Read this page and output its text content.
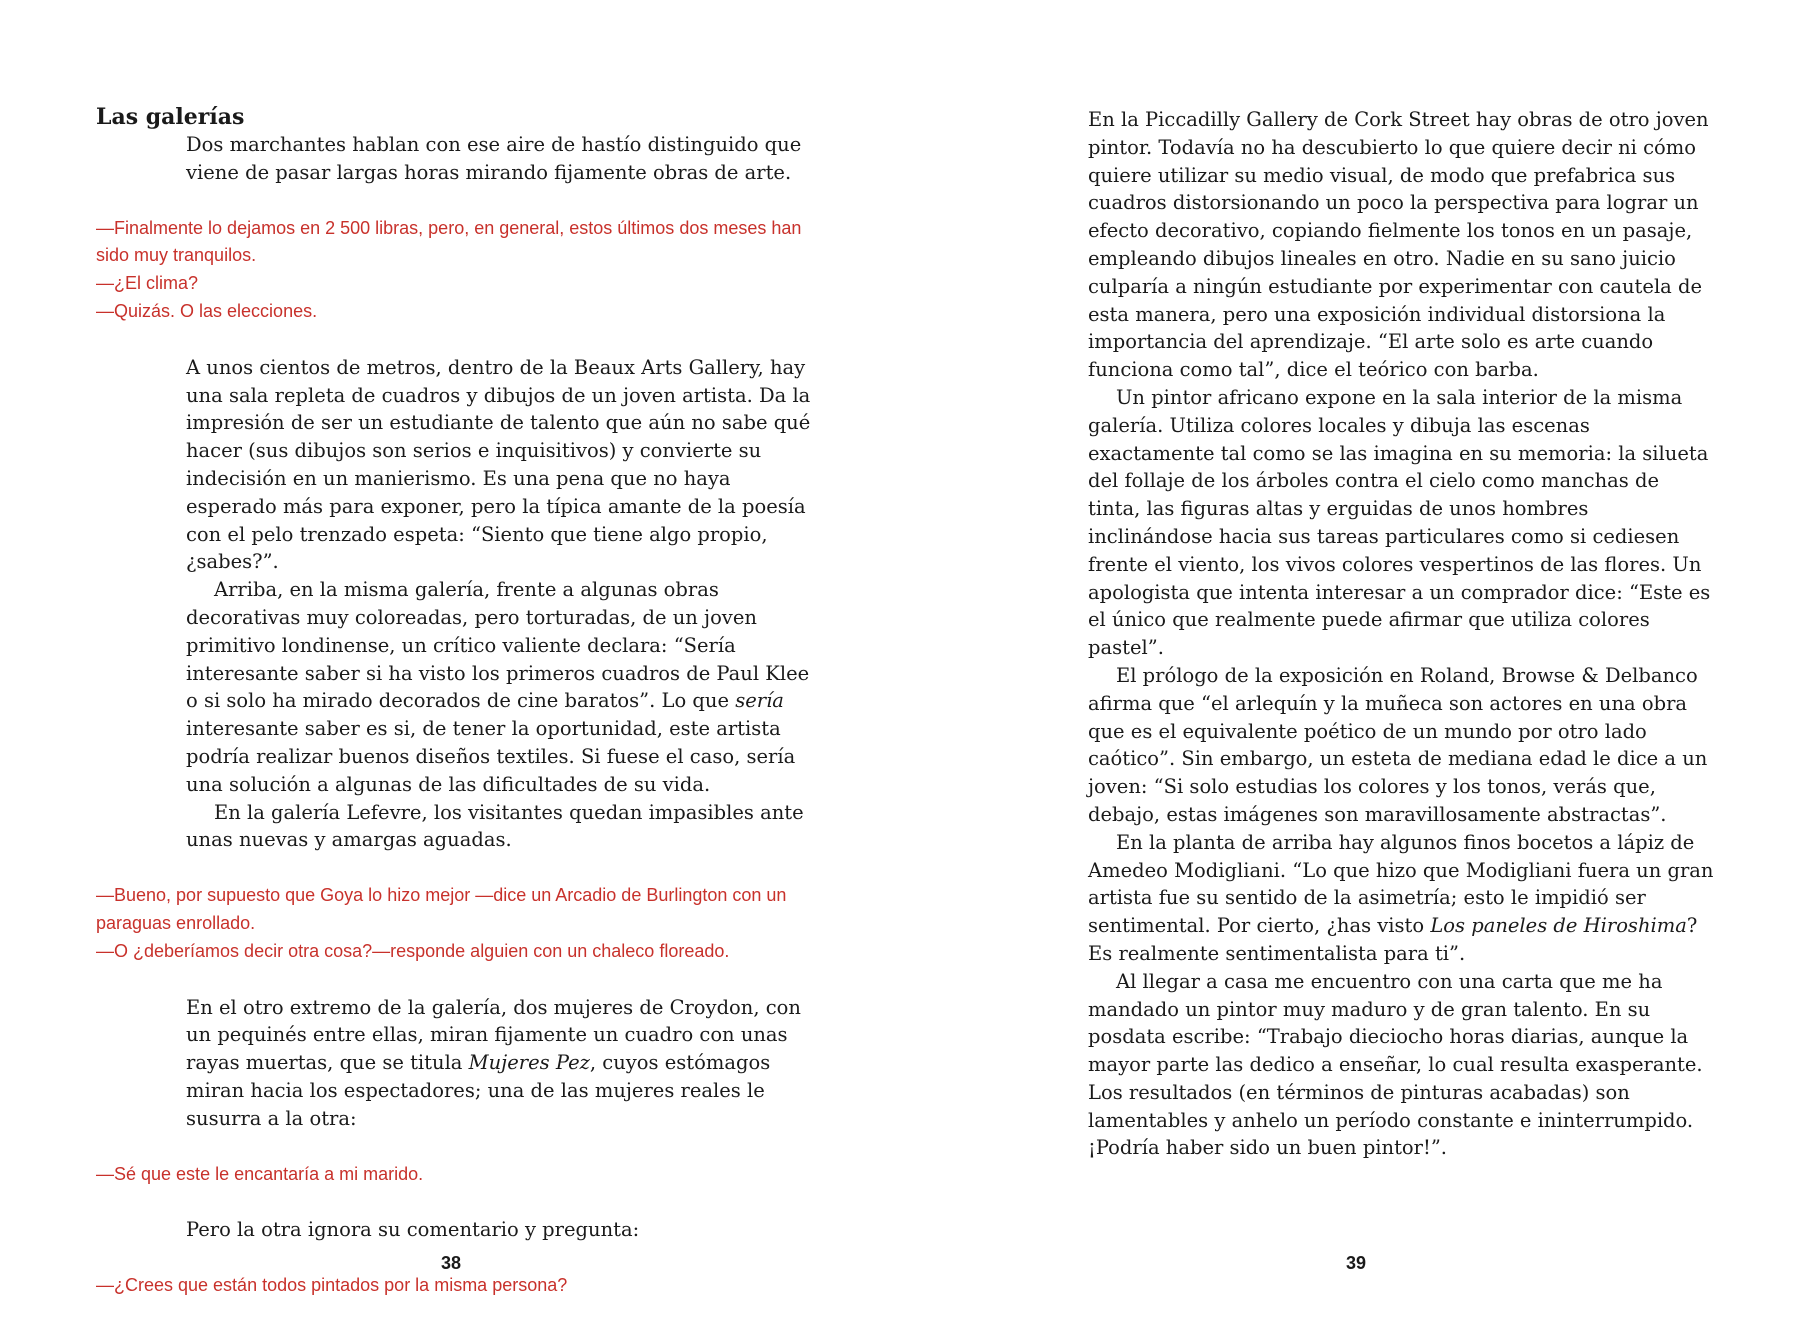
Las galerías

Dos marchantes hablan con ese aire de hastío distinguido que viene de pasar largas horas mirando fijamente obras de arte.

—Finalmente lo dejamos en 2 500 libras, pero, en general, estos últimos dos meses han sido muy tranquilos.

—¿El clima?

—Quizás. O las elecciones.

A unos cientos de metros, dentro de la Beaux Arts Gallery, hay una sala repleta de cuadros y dibujos de un joven artista. Da la impresión de ser un estudiante de talento que aún no sabe qué hacer (sus dibujos son serios e inquisitivos) y convierte su indecisión en un manierismo. Es una pena que no haya esperado más para exponer, pero la típica amante de la poesía con el pelo trenzado espeta: “Siento que tiene algo propio, ¿sabes?”.

Arriba, en la misma galería, frente a algunas obras decorativas muy coloreadas, pero torturadas, de un joven primitivo londinense, un crítico valiente declara: “Sería interesante saber si ha visto los primeros cuadros de Paul Klee o si solo ha mirado decorados de cine baratos”. Lo que sería interesante saber es si, de tener la oportunidad, este artista podría realizar buenos diseños textiles. Si fuese el caso, sería una solución a algunas de las dificultades de su vida.

En la galería Lefevre, los visitantes quedan impasibles ante unas nuevas y amargas aguadas.

—Bueno, por supuesto que Goya lo hizo mejor —dice un Arcadio de Burlington con un paraguas enrollado.

—O ¿deberíamos decir otra cosa?—responde alguien con un chaleco floreado.

En el otro extremo de la galería, dos mujeres de Croydon, con un pequinés entre ellas, miran fijamente un cuadro con unas rayas muertas, que se titula Mujeres Pez, cuyos estómagos miran hacia los espectadores; una de las mujeres reales le susurra a la otra:

—Sé que este le encantaría a mi marido.

Pero la otra ignora su comentario y pregunta:

—¿Crees que están todos pintados por la misma persona?

38

En la Piccadilly Gallery de Cork Street hay obras de otro joven pintor. Todavía no ha descubierto lo que quiere decir ni cómo quiere utilizar su medio visual, de modo que prefabrica sus cuadros distorsionando un poco la perspectiva para lograr un efecto decorativo, copiando fielmente los tonos en un pasaje, empleando dibujos lineales en otro. Nadie en su sano juicio culparía a ningún estudiante por experimentar con cautela de esta manera, pero una exposición individual distorsiona la importancia del aprendizaje. “El arte solo es arte cuando funciona como tal”, dice el teórico con barba.

Un pintor africano expone en la sala interior de la misma galería. Utiliza colores locales y dibuja las escenas exactamente tal como se las imagina en su memoria: la silueta del follaje de los árboles contra el cielo como manchas de tinta, las figuras altas y erguidas de unos hombres inclinándose hacia sus tareas particulares como si cediesen frente el viento, los vivos colores vespertinos de las flores. Un apologista que intenta interesar a un comprador dice: “Este es el único que realmente puede afirmar que utiliza colores pastel”.

El prólogo de la exposición en Roland, Browse & Delbanco afirma que “el arlequín y la muñeca son actores en una obra que es el equivalente poético de un mundo por otro lado caótico”. Sin embargo, un esteta de mediana edad le dice a un joven: “Si solo estudias los colores y los tonos, verás que, debajo, estas imágenes son maravillosamente abstractas”.

En la planta de arriba hay algunos finos bocetos a lápiz de Amedeo Modigliani. “Lo que hizo que Modigliani fuera un gran artista fue su sentido de la asimetría; esto le impidió ser sentimental. Por cierto, ¿has visto Los paneles de Hiroshima? Es realmente sentimentalista para ti”.

Al llegar a casa me encuentro con una carta que me ha mandado un pintor muy maduro y de gran talento. En su posdata escribe: “Trabajo dieciocho horas diarias, aunque la mayor parte las dedico a enseñar, lo cual resulta exasperante. Los resultados (en términos de pinturas acabadas) son lamentables y anhelo un período constante e ininterrumpido. ¡Podría haber sido un buen pintor!”.

39
